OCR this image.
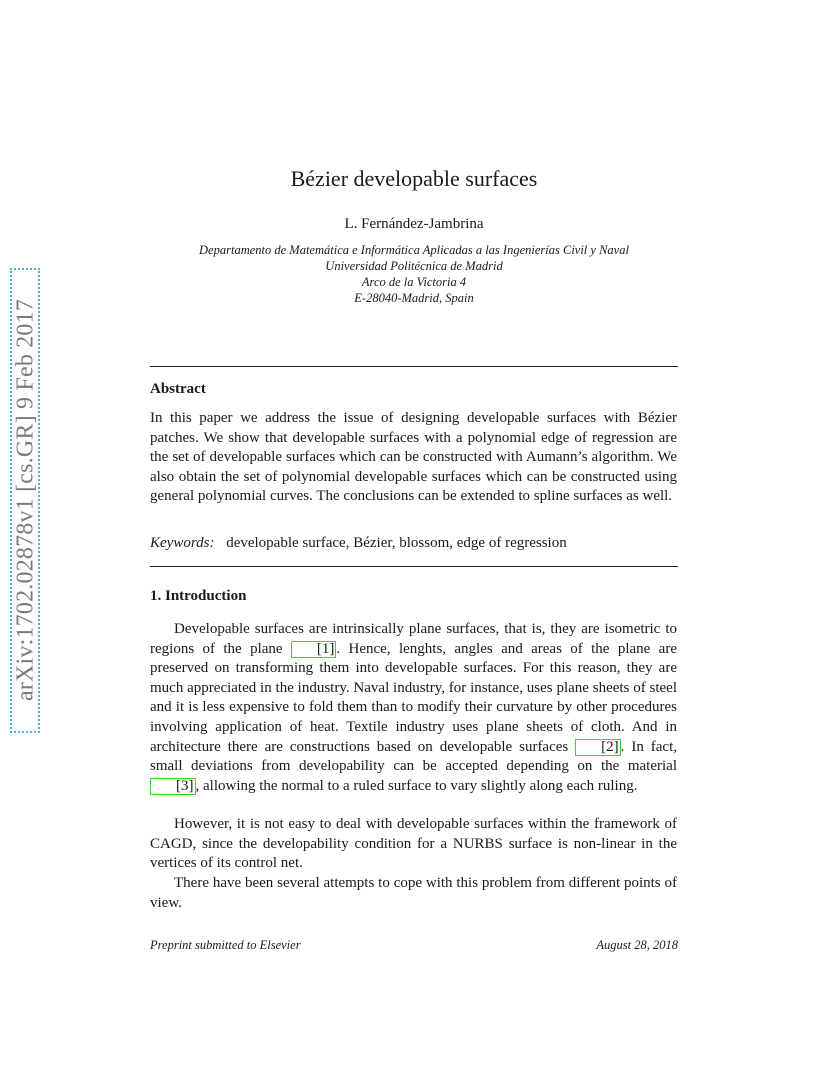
arXiv:1702.02878v1 [cs.GR] 9 Feb 2017
Bézier developable surfaces
L. Fernández-Jambrina
Departamento de Matemática e Informática Aplicadas a las Ingenierías Civil y Naval
Universidad Politécnica de Madrid
Arco de la Victoria 4
E-28040-Madrid, Spain
Abstract
In this paper we address the issue of designing developable surfaces with Bézier patches. We show that developable surfaces with a polynomial edge of regression are the set of developable surfaces which can be constructed with Aumann’s algorithm. We also obtain the set of polynomial developable surfaces which can be constructed using general polynomial curves. The conclusions can be extended to spline surfaces as well.
Keywords: developable surface, Bézier, blossom, edge of regression
1. Introduction
Developable surfaces are intrinsically plane surfaces, that is, they are isometric to regions of the plane [1] . Hence, lenghts, angles and areas of the plane are preserved on transforming them into developable surfaces. For this reason, they are much appreciated in the industry. Naval industry, for instance, uses plane sheets of steel and it is less expensive to fold them than to modify their curvature by other procedures involving application of heat. Textile industry uses plane sheets of cloth. And in architecture there are constructions based on developable surfaces [2] . In fact, small deviations from developability can be accepted depending on the material [3] , allowing the normal to a ruled surface to vary slightly along each ruling.
However, it is not easy to deal with developable surfaces within the framework of CAGD, since the developability condition for a NURBS surface is non-linear in the vertices of its control net.
There have been several attempts to cope with this problem from different points of view.
Preprint submitted to Elsevier	August 28, 2018
